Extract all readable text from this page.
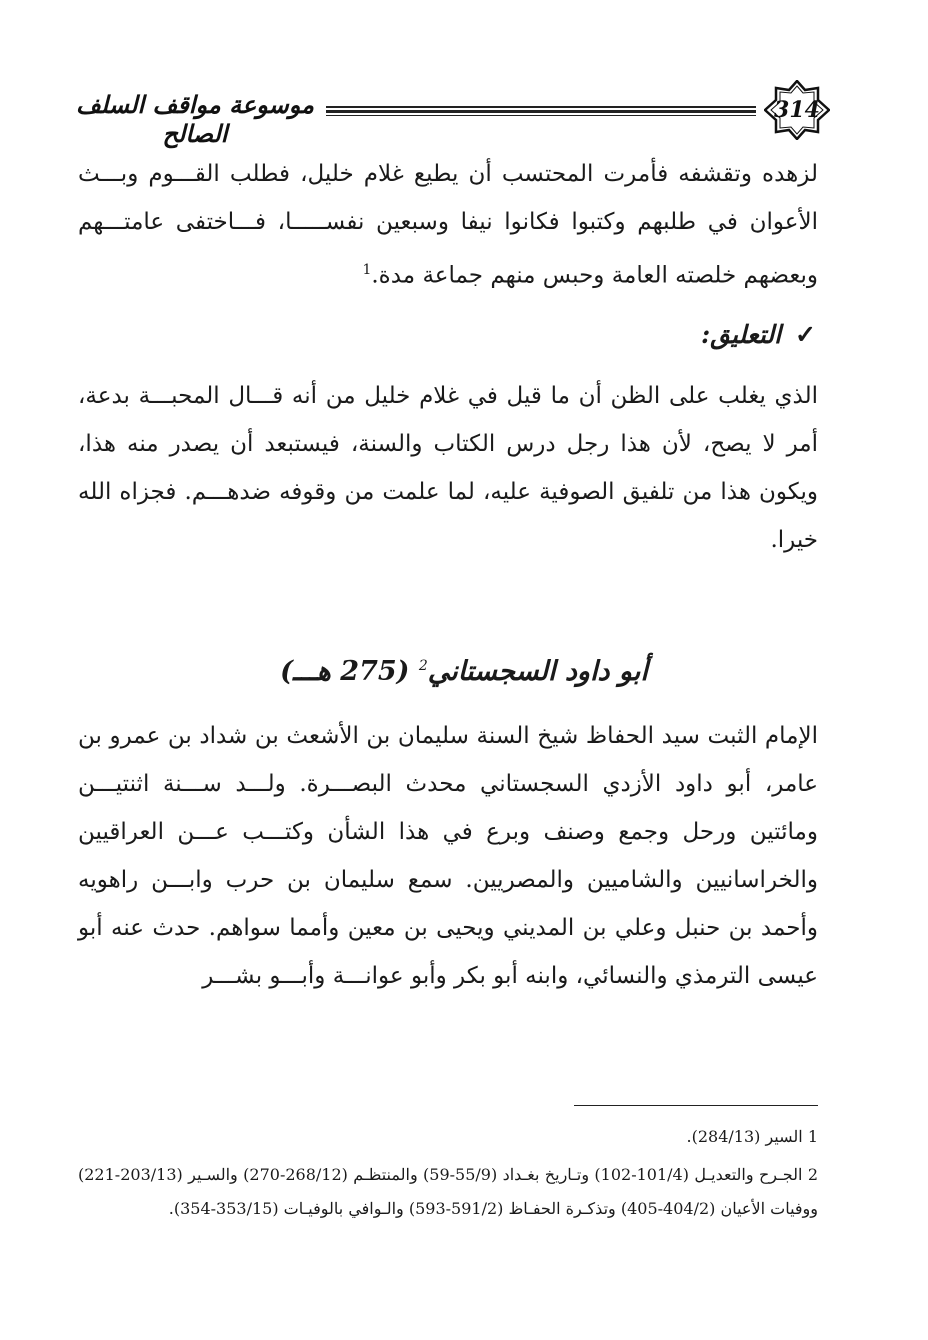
314
موسوعة مواقف السلف الصالح

لزهده وتقشفه فأمرت المحتسب أن يطيع غلام خليل، فطلب القـــوم وبـــث الأعوان في طلبهم وكتبوا فكانوا نيفا وسبعين نفســـــا، فـــاختفى عامتـــهم وبعضهم خلصته العامة وحبس منهم جماعة مدة.$^1$

✓التعليق:

الذي يغلب على الظن أن ما قيل في غلام خليل من أنه قـــال المحبـــة بدعة، أمر لا يصح، لأن هذا رجل درس الكتاب والسنة، فيستبعد أن يصدر منه هذا، ويكون هذا من تلفيق الصوفية عليه، لما علمت من وقوفه ضدهـــم. فجزاه الله خيرا.

أبو داود السجستاني$^2$ (275 هـــ)

الإمام الثبت سيد الحفاظ شيخ السنة سليمان بن الأشعث بن شداد بن عمرو بن عامر، أبو داود الأزدي السجستاني محدث البصـــرة. ولـــد ســـنة اثنتيـــن ومائتين ورحل وجمع وصنف وبرع في هذا الشأن وكتـــب عـــن العراقيين والخراسانيين والشاميين والمصريين. سمع سليمان بن حرب وابـــن راهويه وأحمد بن حنبل وعلي بن المديني ويحيى بن معين وأمما سواهم. حدث عنه أبو عيسى الترمذي والنسائي، وابنه أبو بكر وأبو عوانـــة وأبـــو بشـــر

1 السير (284/13).

2 الجـرح والتعديـل (101/4-102) وتـاريخ بغـداد (55/9-59) والمنتظـم (268/12-270) والسـير (203/13-221) ووفيات الأعيان (404/2-405) وتذكـرة الحفـاظ (591/2-593) والـوافي بالوفيـات (353/15-354).
